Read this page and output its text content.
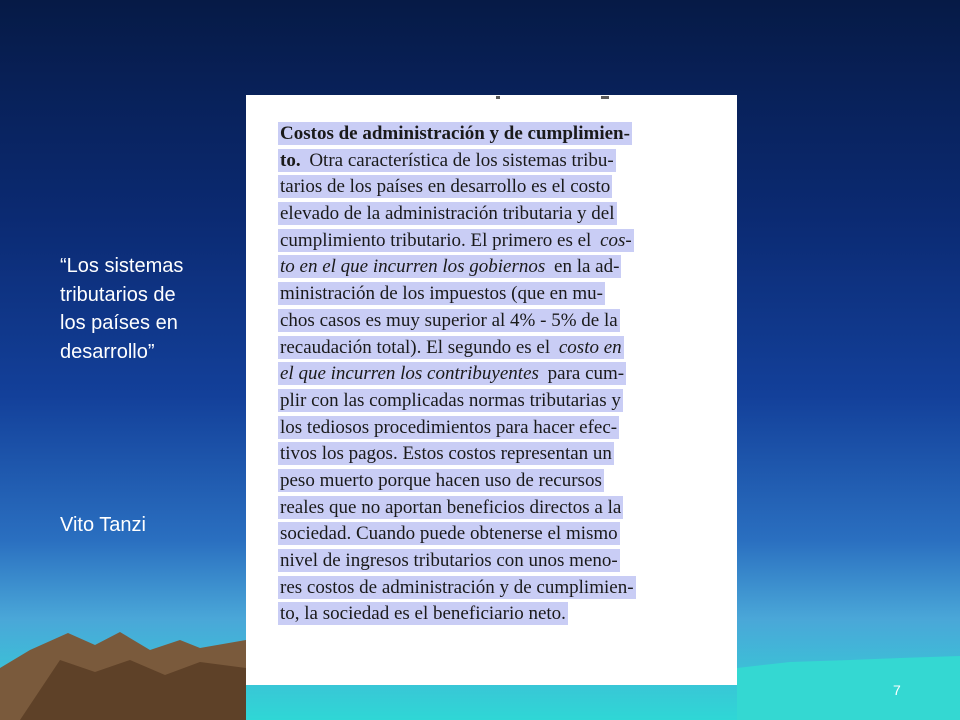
Costos de administración y de cumplimien-
to. Otra característica de los sistemas tribu-
tarios de los países en desarrollo es el costo
elevado de la administración tributaria y del
cumplimiento tributario. El primero es el cos-
to en el que incurren los gobiernos en la ad-
ministración de los impuestos (que en mu-
chos casos es muy superior al 4% - 5% de la
recaudación total). El segundo es el costo en
el que incurren los contribuyentes para cum-
plir con las complicadas normas tributarias y
los tediosos procedimientos para hacer efec-
tivos los pagos. Estos costos representan un
peso muerto porque hacen uso de recursos
reales que no aportan beneficios directos a la
sociedad. Cuando puede obtenerse el mismo
nivel de ingresos tributarios con unos meno-
res costos de administración y de cumplimien-
to, la sociedad es el beneficiario neto.
“Los sistemas tributarios de los países en desarrollo”
Vito Tanzi
7
